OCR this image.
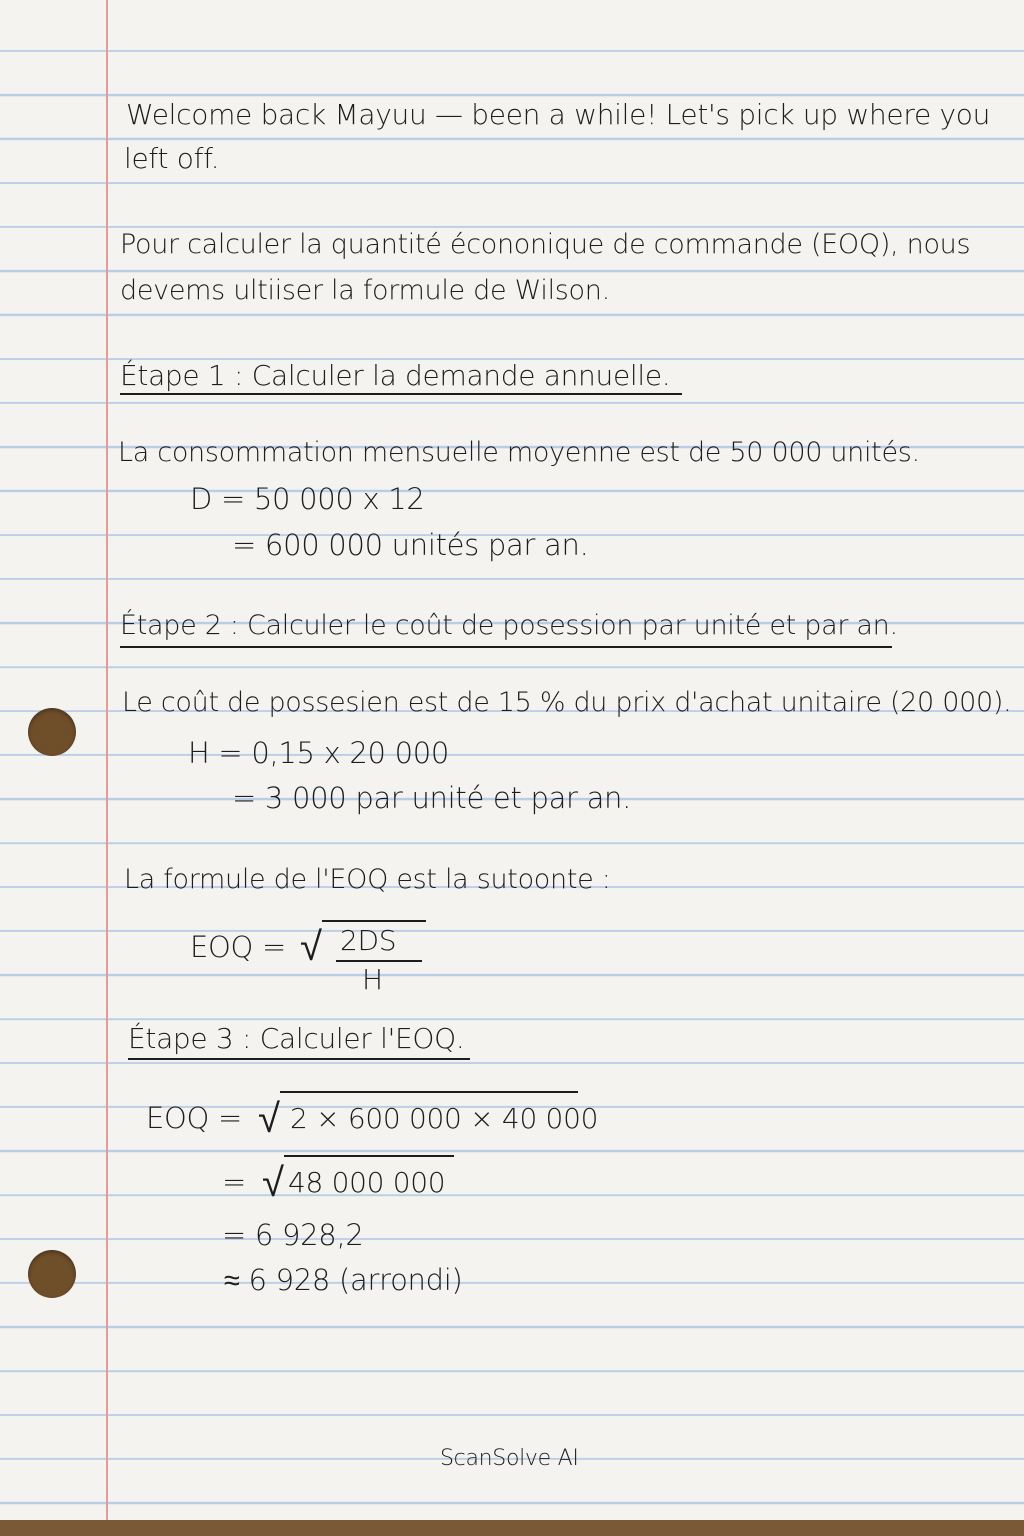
Welcome back Mayuu — been a while! Let's pick up where you
left off.
Pour calculer la quantité écononique de commande (EOQ), nous
devems ultiiser la formule de Wilson.
Étape 1 : Calculer la demande annuelle.
La consommation mensuelle moyenne est de 50 000 unités.
D = 50 000 x 12
= 600 000 unités par an.
Étape 2 : Calculer le coût de posession par unité et par an.
Le coût de possesien est de 15 % du prix d'achat unitaire (20 000).
H = 0,15 x 20 000
= 3 000 par unité et par an.
La formule de l'EOQ est la sutoonte :
EOQ = √ 2DS
H
Étape 3 : Calculer l'EOQ.
EOQ = √ 2 × 600 000 × 40 000
= √ 48 000 000
= 6 928,2
≈ 6 928 (arrondi)
ScanSolve AI
